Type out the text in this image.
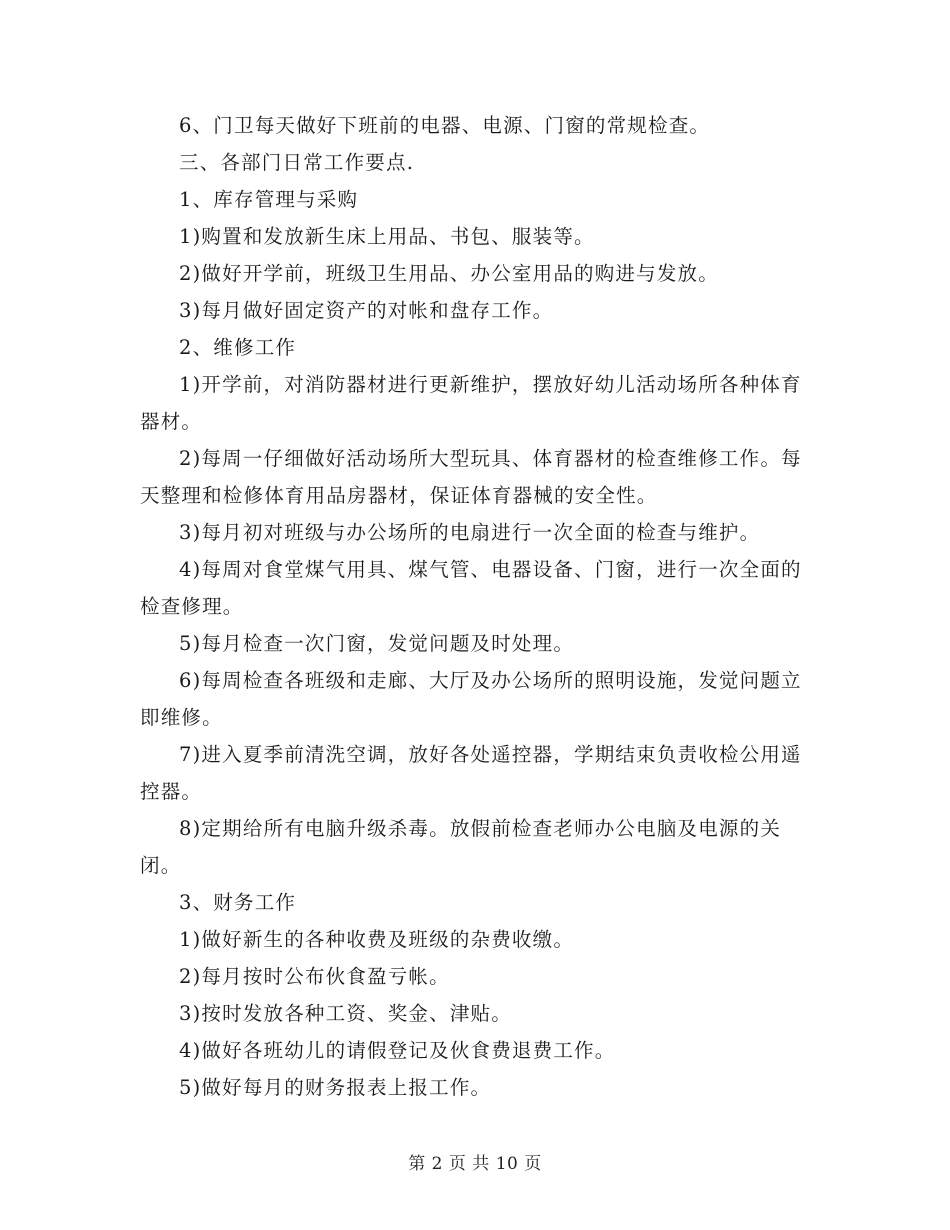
6、门卫每天做好下班前的电器、电源、门窗的常规检查。

三、各部门日常工作要点.

1、库存管理与采购

1)购置和发放新生床上用品、书包、服装等。

2)做好开学前，班级卫生用品、办公室用品的购进与发放。

3)每月做好固定资产的对帐和盘存工作。

2、维修工作

1)开学前，对消防器材进行更新维护，摆放好幼儿活动场所各种体育器材。

2)每周一仔细做好活动场所大型玩具、体育器材的检查维修工作。每天整理和检修体育用品房器材，保证体育器械的安全性。

3)每月初对班级与办公场所的电扇进行一次全面的检查与维护。

4)每周对食堂煤气用具、煤气管、电器设备、门窗，进行一次全面的检查修理。

5)每月检查一次门窗，发觉问题及时处理。

6)每周检查各班级和走廊、大厅及办公场所的照明设施，发觉问题立即维修。

7)进入夏季前清洗空调，放好各处遥控器，学期结束负责收检公用遥控器。

8)定期给所有电脑升级杀毒。放假前检查老师办公电脑及电源的关闭。

3、财务工作

1)做好新生的各种收费及班级的杂费收缴。

2)每月按时公布伙食盈亏帐。

3)按时发放各种工资、奖金、津贴。

4)做好各班幼儿的请假登记及伙食费退费工作。

5)做好每月的财务报表上报工作。

第 2 页 共 10 页
